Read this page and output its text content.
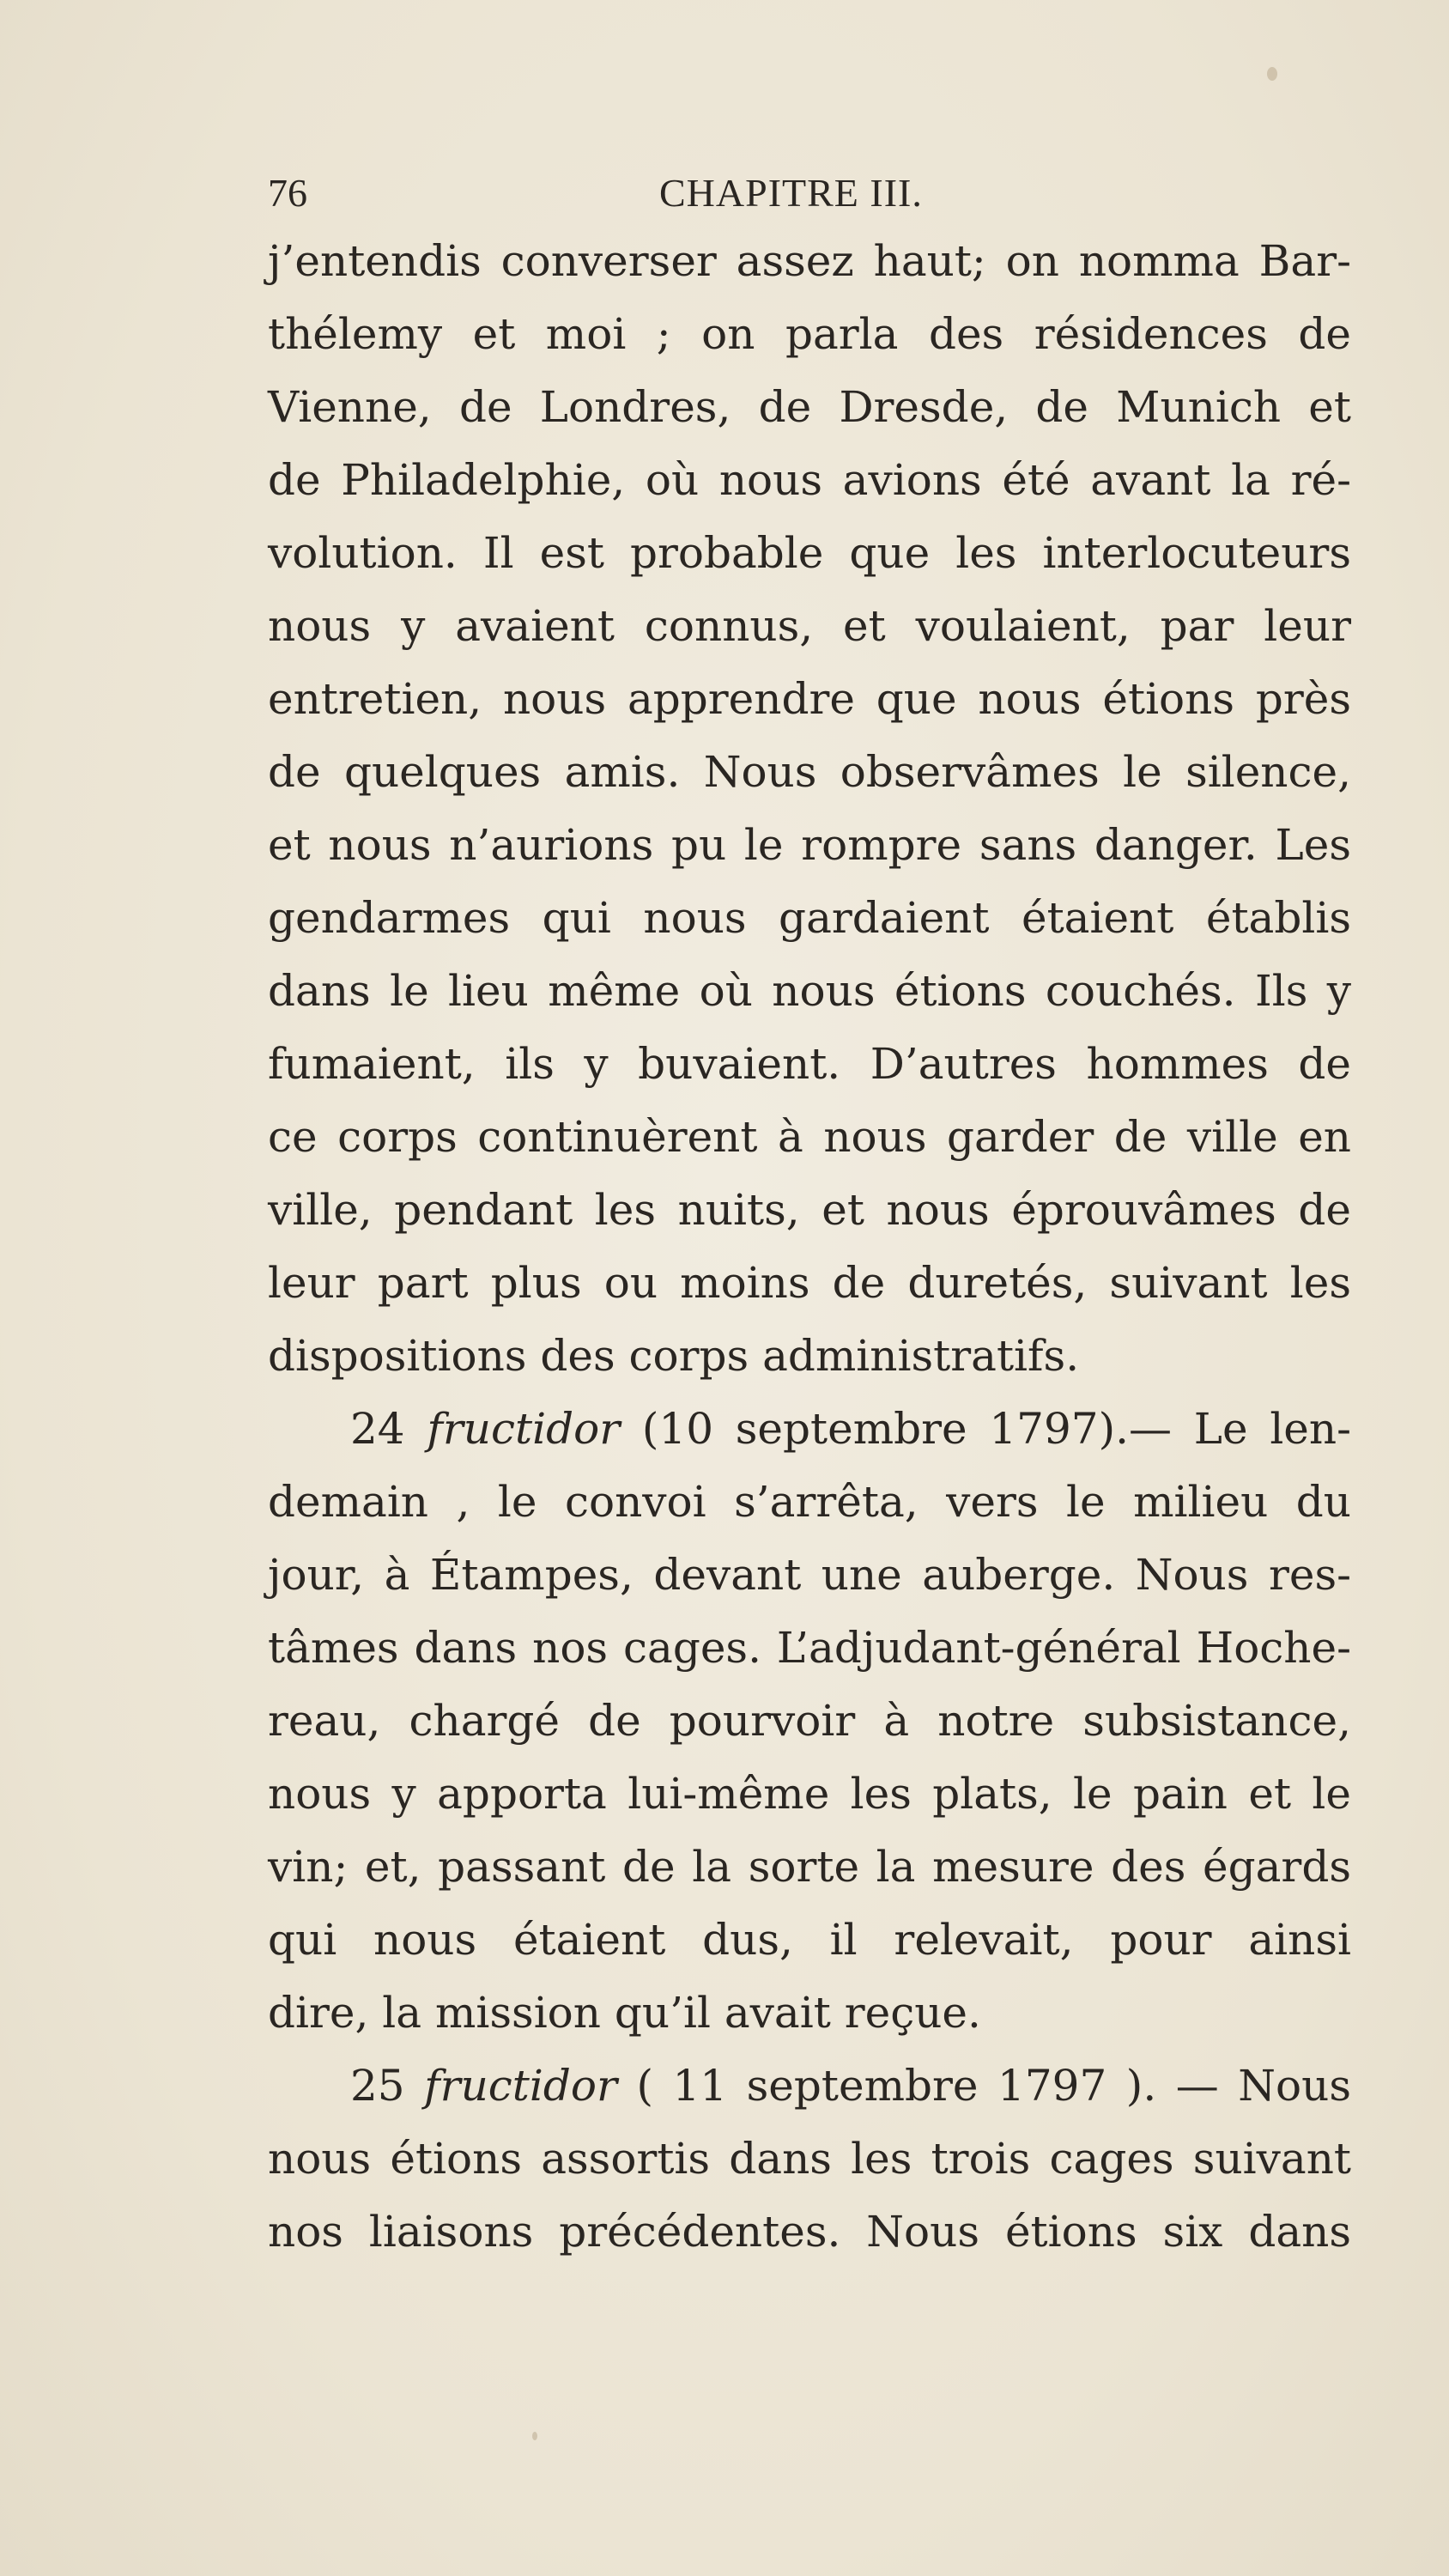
76	CHAPITRE III.
j’entendis converser assez haut; on nomma Bar-
thélemy et moi ; on parla des résidences de
Vienne, de Londres, de Dresde, de Munich et
de Philadelphie, où nous avions été avant la ré-
volution. Il est probable que les interlocuteurs
nous y avaient connus, et voulaient, par leur
entretien, nous apprendre que nous étions près
de quelques amis. Nous observâmes le silence,
et nous n’aurions pu le rompre sans danger. Les
gendarmes qui nous gardaient étaient établis
dans le lieu même où nous étions couchés. Ils y
fumaient, ils y buvaient. D’autres hommes de
ce corps continuèrent à nous garder de ville en
ville, pendant les nuits, et nous éprouvâmes de
leur part plus ou moins de duretés, suivant les
dispositions des corps administratifs.
24 fructidor (10 septembre 1797).— Le len-
demain , le convoi s’arrêta, vers le milieu du
jour, à Étampes, devant une auberge. Nous res-
tâmes dans nos cages. L’adjudant-général Hoche-
reau, chargé de pourvoir à notre subsistance,
nous y apporta lui-même les plats, le pain et le
vin; et, passant de la sorte la mesure des égards
qui nous étaient dus, il relevait, pour ainsi
dire, la mission qu’il avait reçue.
25 fructidor ( 11 septembre 1797 ). — Nous
nous étions assortis dans les trois cages suivant
nos liaisons précédentes. Nous étions six dans
